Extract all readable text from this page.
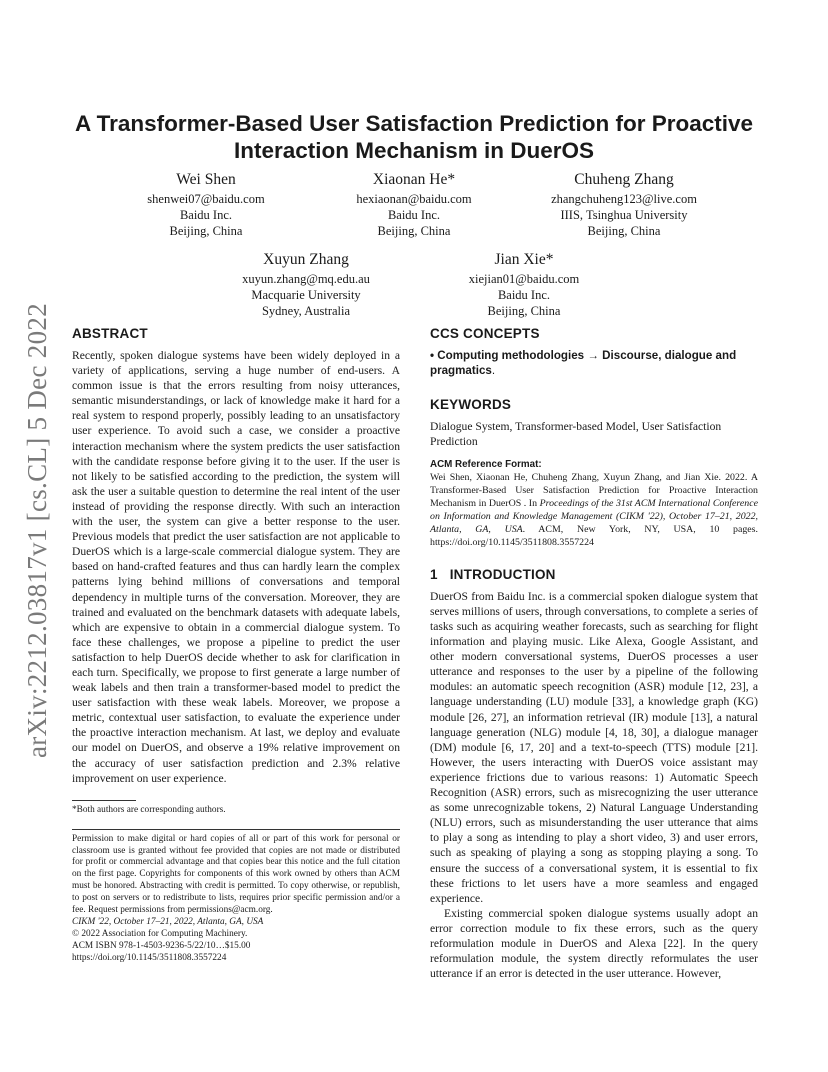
arXiv:2212.03817v1 [cs.CL] 5 Dec 2022
A Transformer-Based User Satisfaction Prediction for Proactive Interaction Mechanism in DuerOS
Wei Shen
shenwei07@baidu.com
Baidu Inc.
Beijing, China
Xiaonan He*
hexiaonan@baidu.com
Baidu Inc.
Beijing, China
Chuheng Zhang
zhangchuheng123@live.com
IIIS, Tsinghua University
Beijing, China
Xuyun Zhang
xuyun.zhang@mq.edu.au
Macquarie University
Sydney, Australia
Jian Xie*
xiejian01@baidu.com
Baidu Inc.
Beijing, China
ABSTRACT

Recently, spoken dialogue systems have been widely deployed in a variety of applications, serving a huge number of end-users. A common issue is that the errors resulting from noisy utterances, semantic misunderstandings, or lack of knowledge make it hard for a real system to respond properly, possibly leading to an unsatisfactory user experience. To avoid such a case, we consider a proactive interaction mechanism where the system predicts the user satisfaction with the candidate response before giving it to the user. If the user is not likely to be satisfied according to the prediction, the system will ask the user a suitable question to determine the real intent of the user instead of providing the response directly. With such an interaction with the user, the system can give a better response to the user. Previous models that predict the user satisfaction are not applicable to DuerOS which is a large-scale commercial dialogue system. They are based on hand-crafted features and thus can hardly learn the complex patterns lying behind millions of conversations and temporal dependency in multiple turns of the conversation. Moreover, they are trained and evaluated on the benchmark datasets with adequate labels, which are expensive to obtain in a commercial dialogue system. To face these challenges, we propose a pipeline to predict the user satisfaction to help DuerOS decide whether to ask for clarification in each turn. Specifically, we propose to first generate a large number of weak labels and then train a transformer-based model to predict the user satisfaction with these weak labels. Moreover, we propose a metric, contextual user satisfaction, to evaluate the experience under the proactive interaction mechanism. At last, we deploy and evaluate our model on DuerOS, and observe a 19% relative improvement on the accuracy of user satisfaction prediction and 2.3% relative improvement on user experience.

*Both authors are corresponding authors.

Permission to make digital or hard copies of all or part of this work for personal or classroom use is granted without fee provided that copies are not made or distributed for profit or commercial advantage and that copies bear this notice and the full citation on the first page. Copyrights for components of this work owned by others than ACM must be honored. Abstracting with credit is permitted. To copy otherwise, or republish, to post on servers or to redistribute to lists, requires prior specific permission and/or a fee. Request permissions from permissions@acm.org.

CIKM '22, October 17–21, 2022, Atlanta, GA, USA

© 2022 Association for Computing Machinery.

ACM ISBN 978-1-4503-9236-5/22/10…$15.00

https://doi.org/10.1145/3511808.3557224

CCS CONCEPTS

• Computing methodologies → Discourse, dialogue and pragmatics.

KEYWORDS

Dialogue System, Transformer-based Model, User Satisfaction Prediction

ACM Reference Format:

Wei Shen, Xiaonan He, Chuheng Zhang, Xuyun Zhang, and Jian Xie. 2022. A Transformer-Based User Satisfaction Prediction for Proactive Interaction Mechanism in DuerOS . In Proceedings of the 31st ACM International Conference on Information and Knowledge Management (CIKM '22), October 17–21, 2022, Atlanta, GA, USA. ACM, New York, NY, USA, 10 pages. https://doi.org/10.1145/3511808.3557224

1 INTRODUCTION

DuerOS from Baidu Inc. is a commercial spoken dialogue system that serves millions of users, through conversations, to complete a series of tasks such as acquiring weather forecasts, such as searching for flight information and playing music. Like Alexa, Google Assistant, and other modern conversational systems, DuerOS processes a user utterance and responses to the user by a pipeline of the following modules: an automatic speech recognition (ASR) module [12, 23], a language understanding (LU) module [33], a knowledge graph (KG) module [26, 27], an information retrieval (IR) module [13], a natural language generation (NLG) module [4, 18, 30], a dialogue manager (DM) module [6, 17, 20] and a text-to-speech (TTS) module [21]. However, the users interacting with DuerOS voice assistant may experience frictions due to various reasons: 1) Automatic Speech Recognition (ASR) errors, such as misrecognizing the user utterance as some unrecognizable tokens, 2) Natural Language Understanding (NLU) errors, such as misunderstanding the user utterance that aims to play a song as intending to play a short video, 3) and user errors, such as speaking of playing a song as stopping playing a song. To ensure the success of a conversational system, it is essential to fix these frictions to let users have a more seamless and engaged experience.

Existing commercial spoken dialogue systems usually adopt an error correction module to fix these errors, such as the query reformulation module in DuerOS and Alexa [22]. In the query reformulation module, the system directly reformulates the user utterance if an error is detected in the user utterance. However,
